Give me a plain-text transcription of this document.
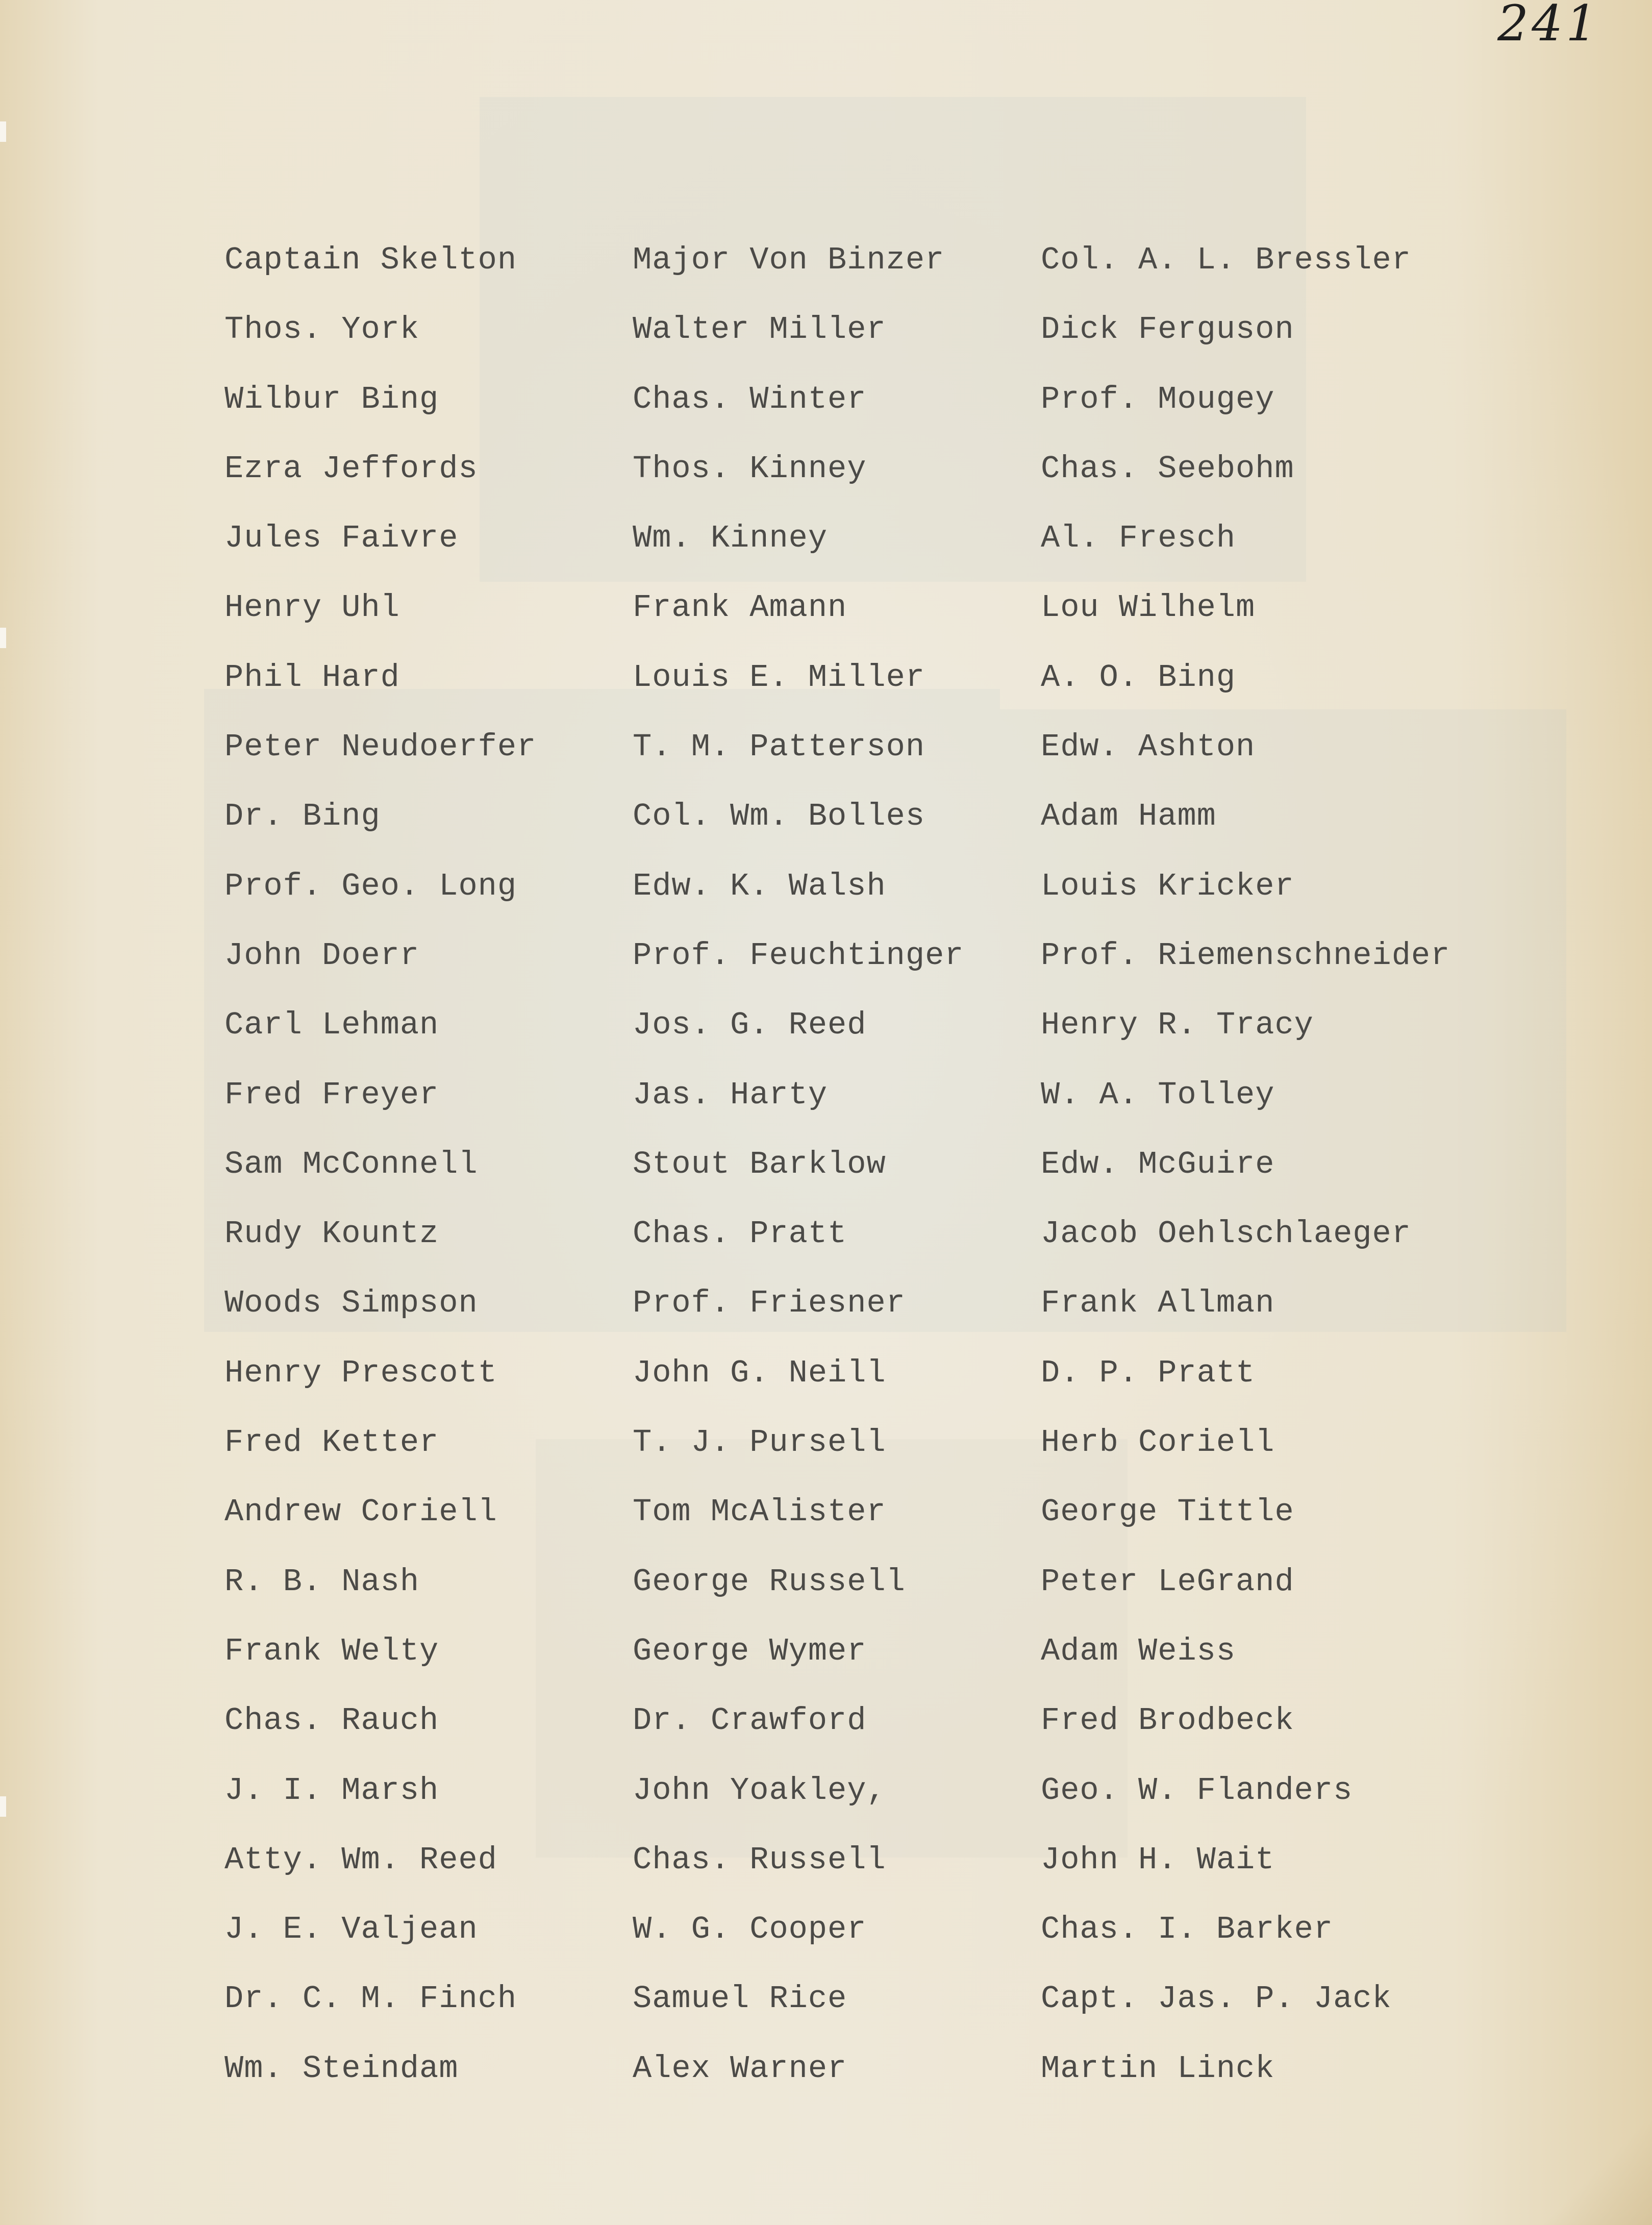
241
Captain Skelton	Major Von Binzer	Col. A. L. Bressler
Thos. York	Walter Miller	Dick Ferguson
Wilbur Bing	Chas. Winter	Prof. Mougey
Ezra Jeffords	Thos. Kinney	Chas. Seebohm
Jules Faivre	Wm. Kinney	Al. Fresch
Henry Uhl	Frank Amann	Lou Wilhelm
Phil Hard	Louis E. Miller	A. O. Bing
Peter Neudoerfer	T. M. Patterson	Edw. Ashton
Dr. Bing	Col. Wm. Bolles	Adam Hamm
Prof. Geo. Long	Edw. K. Walsh	Louis Kricker
John Doerr	Prof. Feuchtinger	Prof. Riemenschneider
Carl Lehman	Jos. G. Reed	Henry R. Tracy
Fred Freyer	Jas. Harty	W. A. Tolley
Sam McConnell	Stout Barklow	Edw. McGuire
Rudy Kountz	Chas. Pratt	Jacob Oehlschlaeger
Woods Simpson	Prof. Friesner	Frank Allman
Henry Prescott	John G. Neill	D. P. Pratt
Fred Ketter	T. J. Pursell	Herb Coriell
Andrew Coriell	Tom McAlister	George Tittle
R. B. Nash	George Russell	Peter LeGrand
Frank Welty	George Wymer	Adam Weiss
Chas. Rauch	Dr. Crawford	Fred Brodbeck
J. I. Marsh	John Yoakley,	Geo. W. Flanders
Atty. Wm. Reed	Chas. Russell	John H. Wait
J. E. Valjean	W. G. Cooper	Chas. I. Barker
Dr. C. M. Finch	Samuel Rice	Capt. Jas. P. Jack
Wm. Steindam	Alex Warner	Martin Linck
